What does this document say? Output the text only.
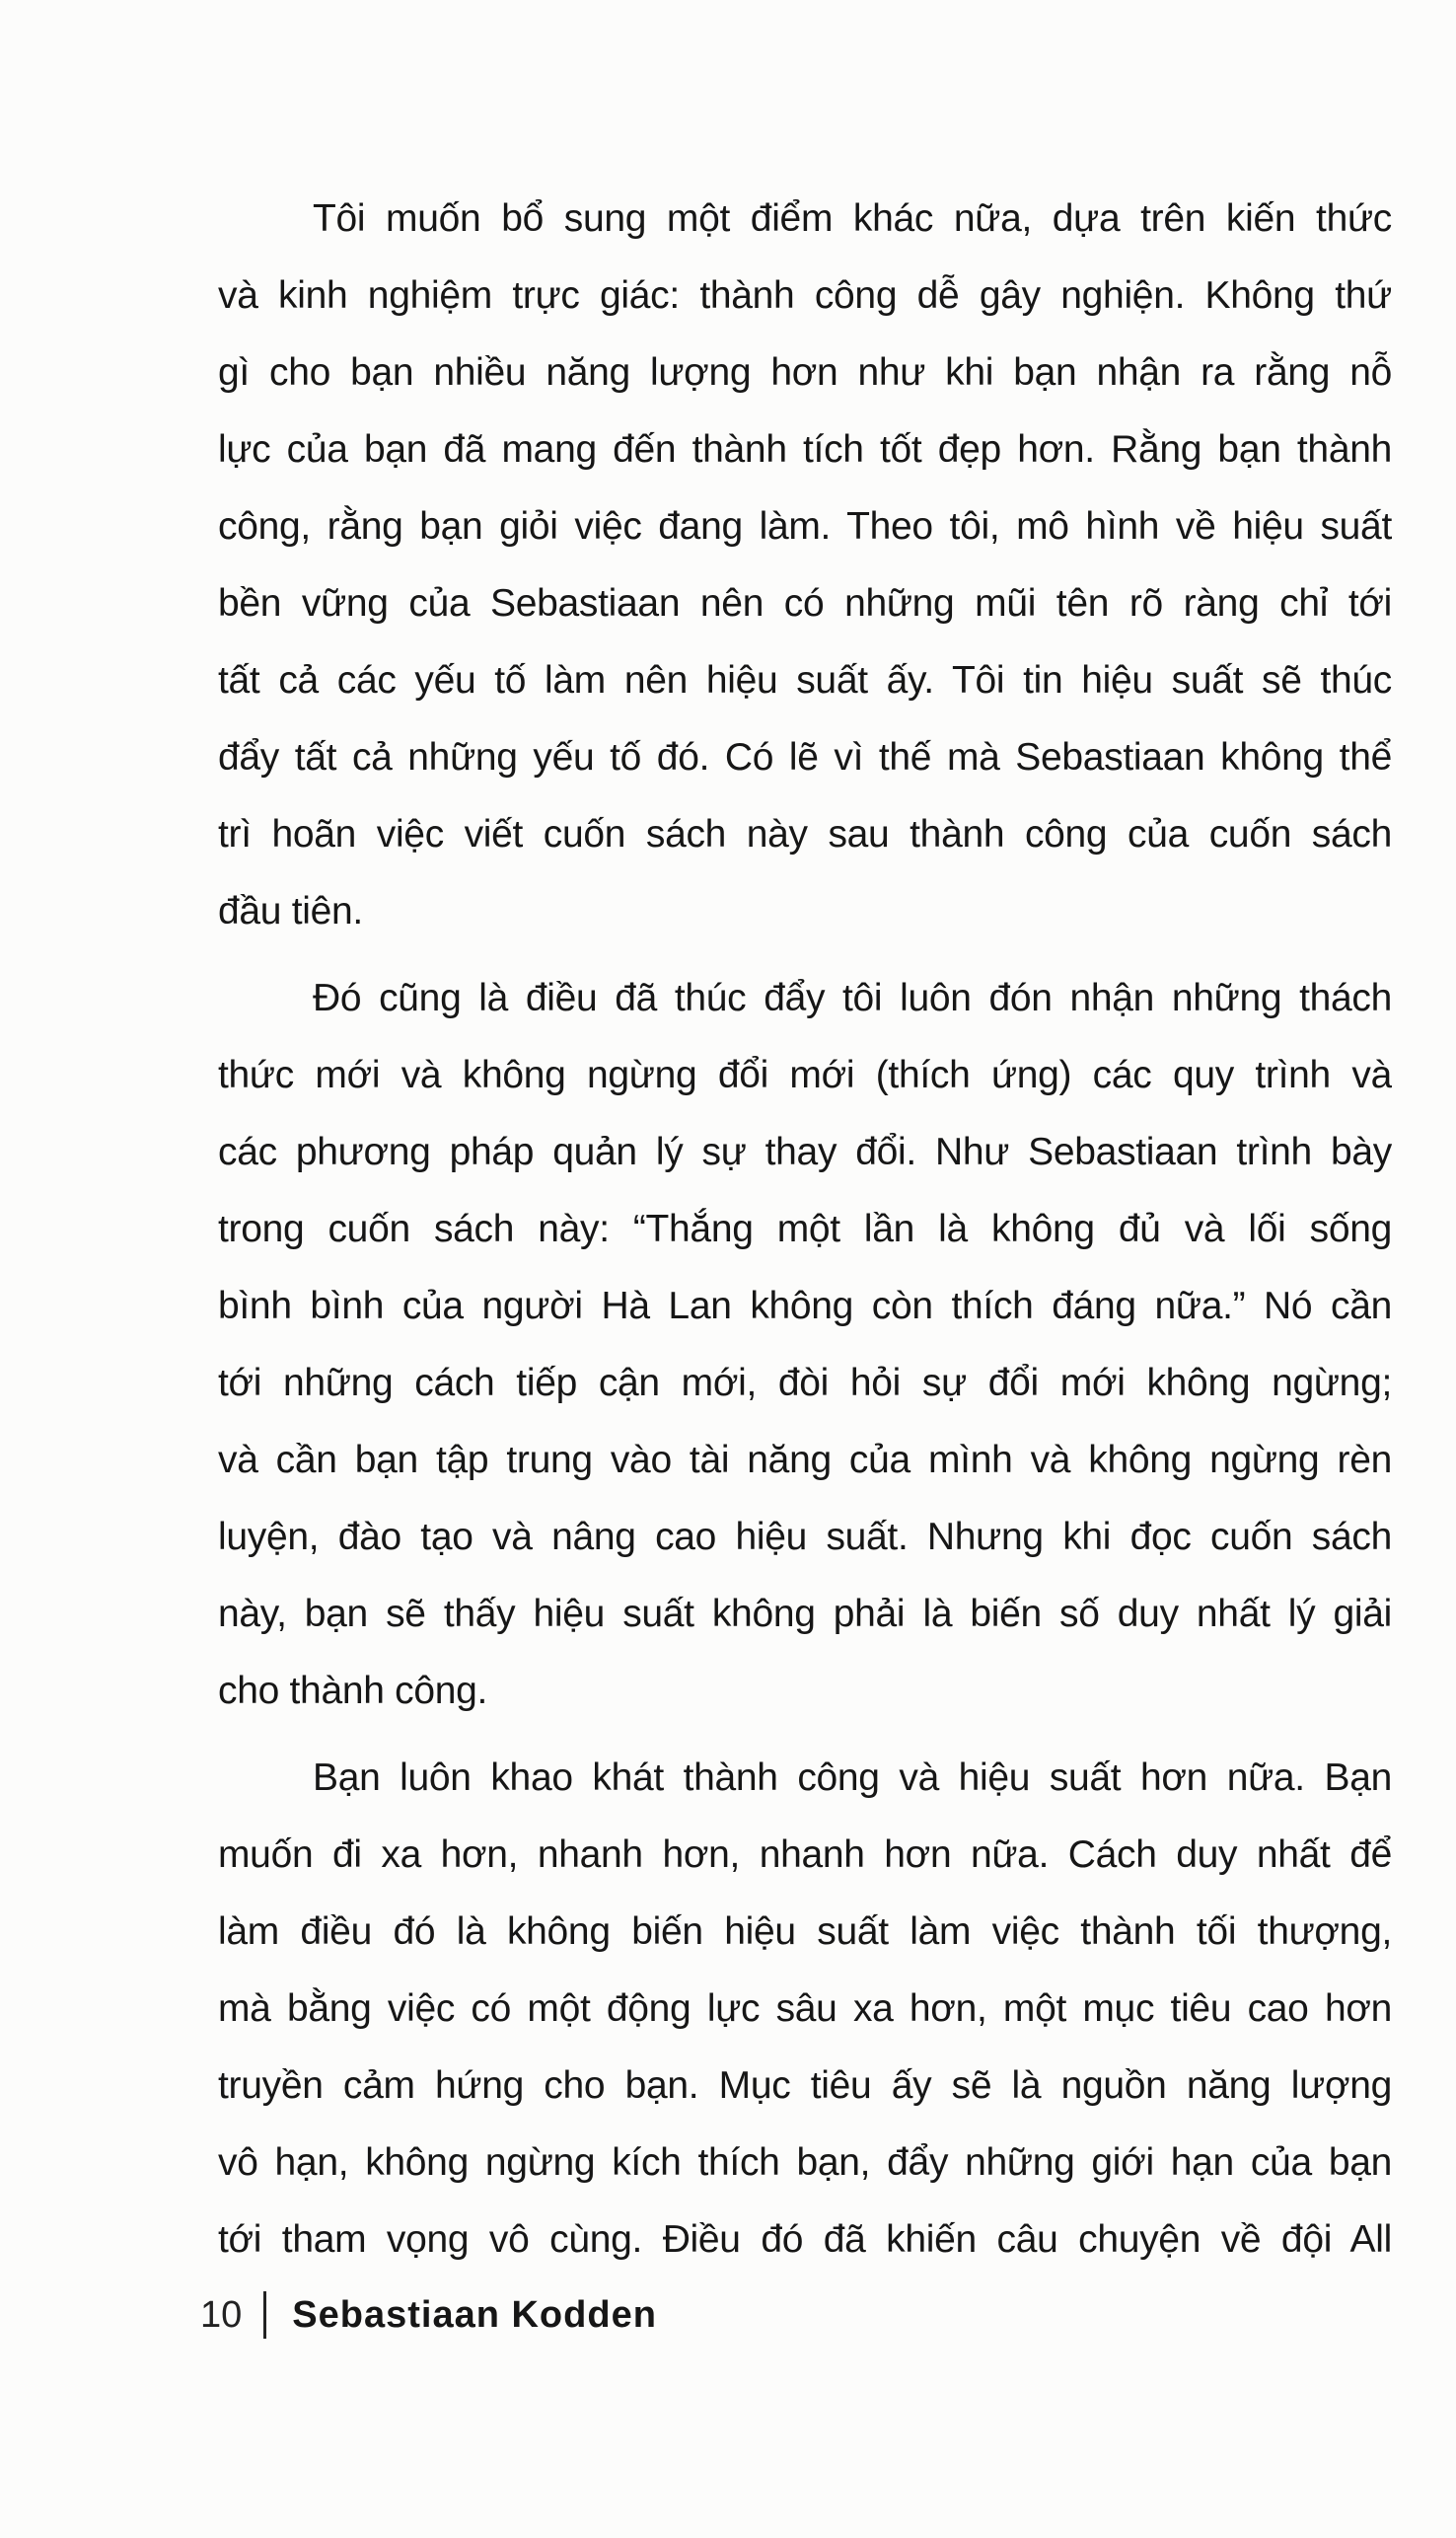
Tôi muốn bổ sung một điểm khác nữa, dựa trên kiến thức
và kinh nghiệm trực giác: thành công dễ gây nghiện. Không thứ
gì cho bạn nhiều năng lượng hơn như khi bạn nhận ra rằng nỗ
lực của bạn đã mang đến thành tích tốt đẹp hơn. Rằng bạn thành
công, rằng bạn giỏi việc đang làm. Theo tôi, mô hình về hiệu suất
bền vững của Sebastiaan nên có những mũi tên rõ ràng chỉ tới
tất cả các yếu tố làm nên hiệu suất ấy. Tôi tin hiệu suất sẽ thúc
đẩy tất cả những yếu tố đó. Có lẽ vì thế mà Sebastiaan không thể
trì hoãn việc viết cuốn sách này sau thành công của cuốn sách
đầu tiên.
Đó cũng là điều đã thúc đẩy tôi luôn đón nhận những thách
thức mới và không ngừng đổi mới (thích ứng) các quy trình và
các phương pháp quản lý sự thay đổi. Như Sebastiaan trình bày
trong cuốn sách này: “Thắng một lần là không đủ và lối sống
bình bình của người Hà Lan không còn thích đáng nữa.” Nó cần
tới những cách tiếp cận mới, đòi hỏi sự đổi mới không ngừng;
và cần bạn tập trung vào tài năng của mình và không ngừng rèn
luyện, đào tạo và nâng cao hiệu suất. Nhưng khi đọc cuốn sách
này, bạn sẽ thấy hiệu suất không phải là biến số duy nhất lý giải
cho thành công.
Bạn luôn khao khát thành công và hiệu suất hơn nữa. Bạn
muốn đi xa hơn, nhanh hơn, nhanh hơn nữa. Cách duy nhất để
làm điều đó là không biến hiệu suất làm việc thành tối thượng,
mà bằng việc có một động lực sâu xa hơn, một mục tiêu cao hơn
truyền cảm hứng cho bạn. Mục tiêu ấy sẽ là nguồn năng lượng
vô hạn, không ngừng kích thích bạn, đẩy những giới hạn của bạn
tới tham vọng vô cùng. Điều đó đã khiến câu chuyện về đội All
10 Sebastiaan Kodden
